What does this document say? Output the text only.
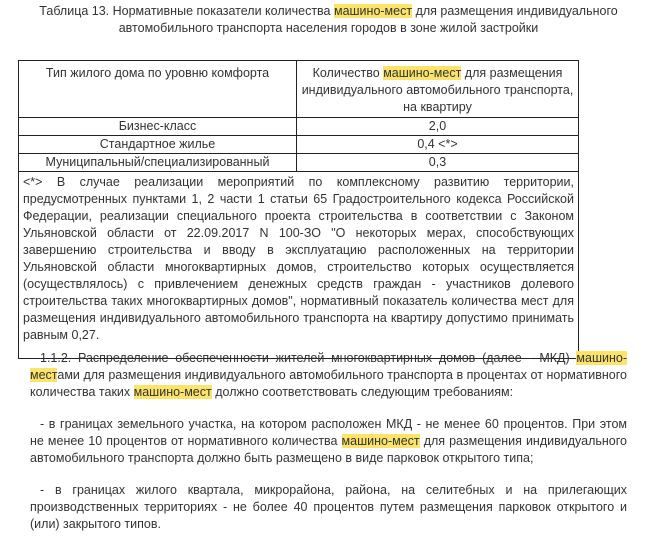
Таблица 13. Нормативные показатели количества машино-мест для размещения индивидуального
автомобильного транспорта населения городов в зоне жилой застройки
Тип жилого дома по уровню комфорта	Количество машино-мест для размещения индивидуального автомобильного транспорта, на квартиру
Бизнес-класс	2,0
Стандартное жилье	0,4 <*>
Муниципальный/специализированный	0,3
<*> В случае реализации мероприятий по комплексному развитию территории, предусмотренных пунктами 1, 2 части 1 статьи 65 Градостроительного кодекса Российской Федерации, реализации специального проекта строительства в соответствии с Законом Ульяновской области от 22.09.2017 N 100-ЗО "О некоторых мерах, способствующих завершению строительства и вводу в эксплуатацию расположенных на территории Ульяновской области многоквартирных домов, строительство которых осуществляется (осуществлялось) с привлечением денежных средств граждан - участников долевого строительства таких многоквартирных домов", нормативный показатель количества мест для размещения индивидуального автомобильного транспорта на квартиру допустимо принимать равным 0,27.	

1.1.2. Распределение обеспеченности жителей многоквартирных домов (далее - МКД) машино-местами для размещения индивидуального автомобильного транспорта в процентах от нормативного количества таких машино-мест должно соответствовать следующим требованиям:

- в границах земельного участка, на котором расположен МКД - не менее 60 процентов. При этом не менее 10 процентов от нормативного количества машино-мест для размещения индивидуального автомобильного транспорта должно быть размещено в виде парковок открытого типа;

- в границах жилого квартала, микрорайона, района, на селитебных и на прилегающих производственных территориях - не более 40 процентов путем размещения парковок открытого и (или) закрытого типов.
